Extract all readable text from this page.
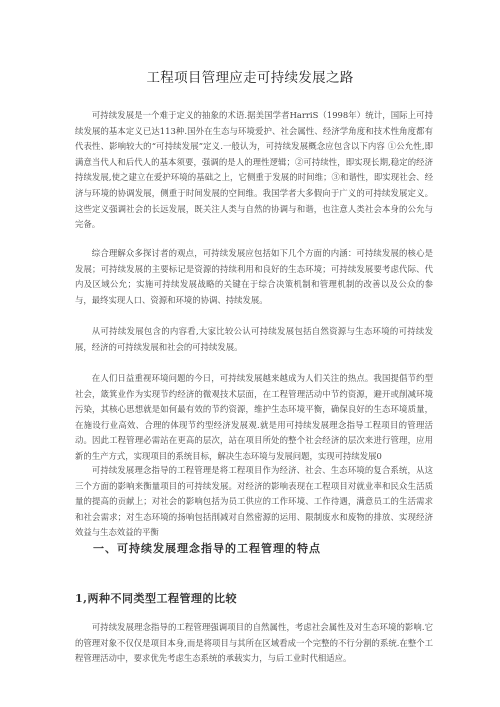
工程项目管理应走可持续发展之路

可持续发展是一个难于定义的抽象的术语.据美国学者HarriS（1998年）统计，国际上可持续发展的基本定义已达113种.国外在生态与环境爱护、社会属性、经济学角度和技术性角度都有代表性、影响较大的“可持续发展”定义.一般认为，可持续发展概念应包含以下内容 ①公允性,即满意当代人和后代人的基本须要，强调的是人的理性逻辑；②可持续性，即实现长期,稳定的经济持续发展,使之建立在爱护环境的基础之上，它侧重于发展的时间维；③和谐性，即实现社会、经济与环境的协调发展，侧重于时间发展的空间维。我国学者大多假向于广义的可持续发展定义。这些定义强调社会的长远发展，既关注人类与自然的协调与和谐，也注意人类社会本身的公允与完备。

综合理解众多探讨者的观点，可持续发展应包括如下几个方面的内涵：可持续发展的核心是发展；可持续发展的主要标记是资源的持续利用和良好的生态环境；可持续发展要考虑代际、代内及区域公允；实施可持续发展战略的关键在于综合决策机制和管理机制的改善以及公众的参与，最终实现人口、资源和环境的协调、持续发展。

从可持续发展包含的内容看,大家比较公认可持续发展包括自然资源与生态环境的可持续发展，经济的可持续发展和社会的可持续发展。

在人们日益重视环境问题的今日，可持续发展越来越成为人们关注的热点。我国提倡节约型社会，箴箕业作为实现节约经济的微观技术层面，在工程管理活动中节约资源，避开或削减环境污染，其核心思想就是如何最有效的节约资源，维护生态环境平衡，确保良好的生态环境质量，在施设行业高效、合理的体现节约型经济发展观.就是用可持续发展理念指导工程项目的管理活动。因此工程管理必需站在更高的层次，站在项目所处的整个社会经济的层次来进行管理，应用新的生产方式，实现项目的系统目标，解决生态环境与发展问题，实现可持续发展0

可持续发展理念指导的工程管理是将工程项目作为经济、社会、生态环境的复合系统，从这三个方面的影响来衡量项目的可持续发展。对经济的影响表现在工程项目对就业率和民众生活质量的提高的贡献上；对社会的影响包括为员工供应的工作环境、工作待遇，满意员工的生活需求和社会需求；对生态环境的扬响包括削减对自然密源的运用、限制废水和废物的排放、实现经济效益与生态效益的平衡

一、可持续发展理念指导的工程管理的特点
1,两种不同类型工程管理的比较

可持续发展理念指导的工程管理强调项目的自然属性，考虑社会属性及对生态环境的影响.它的管理对象不仅仅是项目本身,而是将项目与其所在区域看成一个完整的不行分割的系统.在整个工程管理活动中，要求优先考虑生态系统的承载实力，与后工业时代相适应。
